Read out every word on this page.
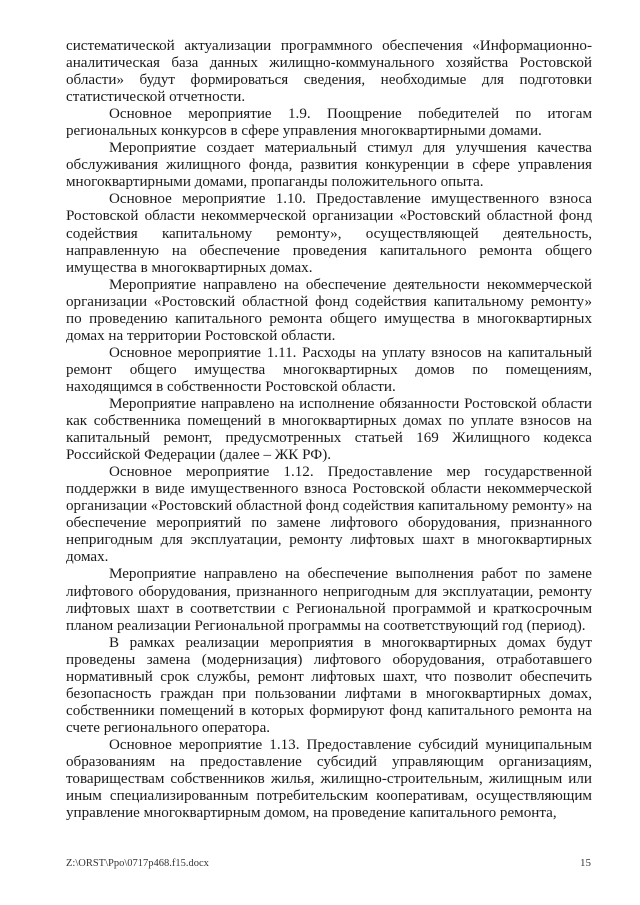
систематической актуализации программного обеспечения «Информационно-аналитическая база данных жилищно-коммунального хозяйства Ростовской области» будут формироваться сведения, необходимые для подготовки статистической отчетности.

Основное мероприятие 1.9. Поощрение победителей по итогам региональных конкурсов в сфере управления многоквартирными домами.

Мероприятие создает материальный стимул для улучшения качества обслуживания жилищного фонда, развития конкуренции в сфере управления многоквартирными домами, пропаганды положительного опыта.

Основное мероприятие 1.10. Предоставление имущественного взноса Ростовской области некоммерческой организации «Ростовский областной фонд содействия капитальному ремонту», осуществляющей деятельность, направленную на обеспечение проведения капитального ремонта общего имущества в многоквартирных домах.

Мероприятие направлено на обеспечение деятельности некоммерческой организации «Ростовский областной фонд содействия капитальному ремонту» по проведению капитального ремонта общего имущества в многоквартирных домах на территории Ростовской области.

Основное мероприятие 1.11. Расходы на уплату взносов на капитальный ремонт общего имущества многоквартирных домов по помещениям, находящимся в собственности Ростовской области.

Мероприятие направлено на исполнение обязанности Ростовской области как собственника помещений в многоквартирных домах по уплате взносов на капитальный ремонт, предусмотренных статьей 169 Жилищного кодекса Российской Федерации (далее – ЖК РФ).

Основное мероприятие 1.12. Предоставление мер государственной поддержки в виде имущественного взноса Ростовской области некоммерческой организации «Ростовский областной фонд содействия капитальному ремонту» на обеспечение мероприятий по замене лифтового оборудования, признанного непригодным для эксплуатации, ремонту лифтовых шахт в многоквартирных домах.

Мероприятие направлено на обеспечение выполнения работ по замене лифтового оборудования, признанного непригодным для эксплуатации, ремонту лифтовых шахт в соответствии с Региональной программой и краткосрочным планом реализации Региональной программы на соответствующий год (период).

В рамках реализации мероприятия в многоквартирных домах будут проведены замена (модернизация) лифтового оборудования, отработавшего нормативный срок службы, ремонт лифтовых шахт, что позволит обеспечить безопасность граждан при пользовании лифтами в многоквартирных домах, собственники помещений в которых формируют фонд капитального ремонта на счете регионального оператора.

Основное мероприятие 1.13. Предоставление субсидий муниципальным образованиям на предоставление субсидий управляющим организациям, товариществам собственников жилья, жилищно-строительным, жилищным или иным специализированным потребительским кооперативам, осуществляющим управление многоквартирным домом, на проведение капитального ремонта,

Z:\ORST\Ppo\0717p468.f15.docx	15
